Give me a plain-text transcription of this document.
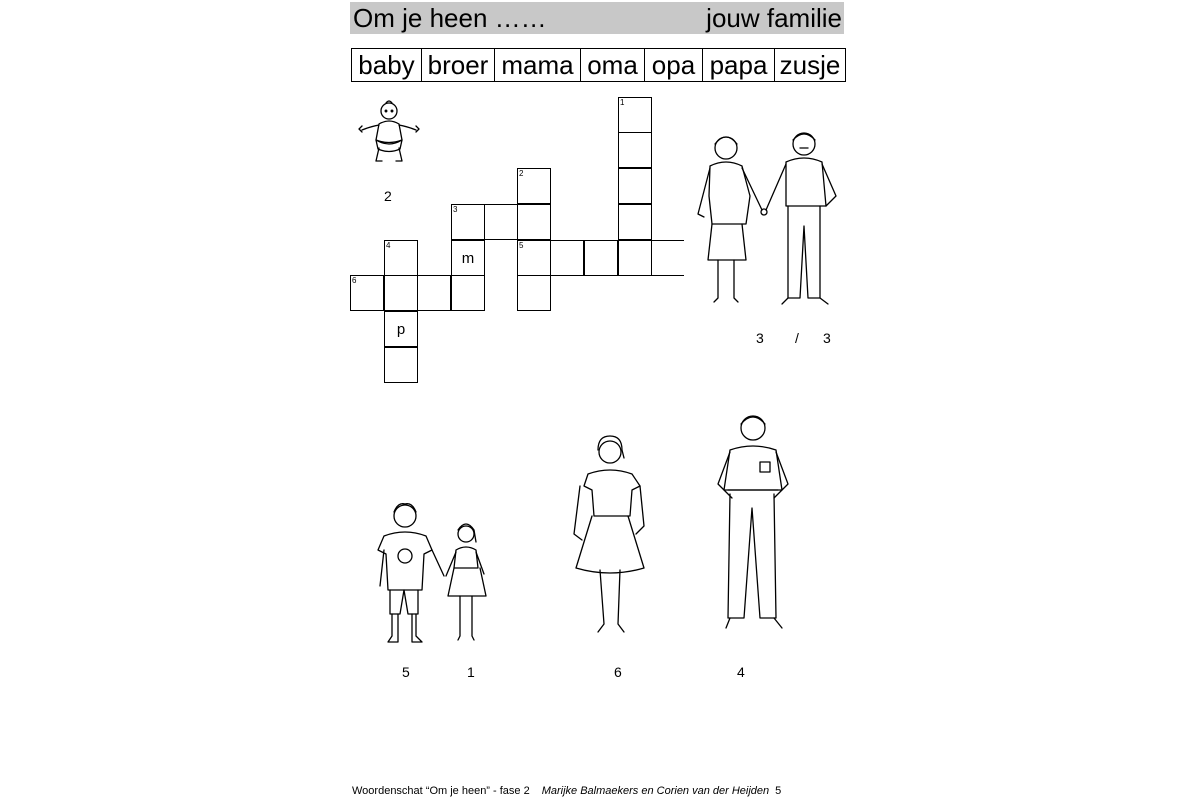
Om je heen ……	jouw familie
baby broer mama oma opa papa zusje
1
2
3
m
4
p
5
6
2
3 / 3
5	1	6	4
Woordenschat “Om je heen” - fase 2 Marijke Balmaekers en Corien van der Heijden 5
